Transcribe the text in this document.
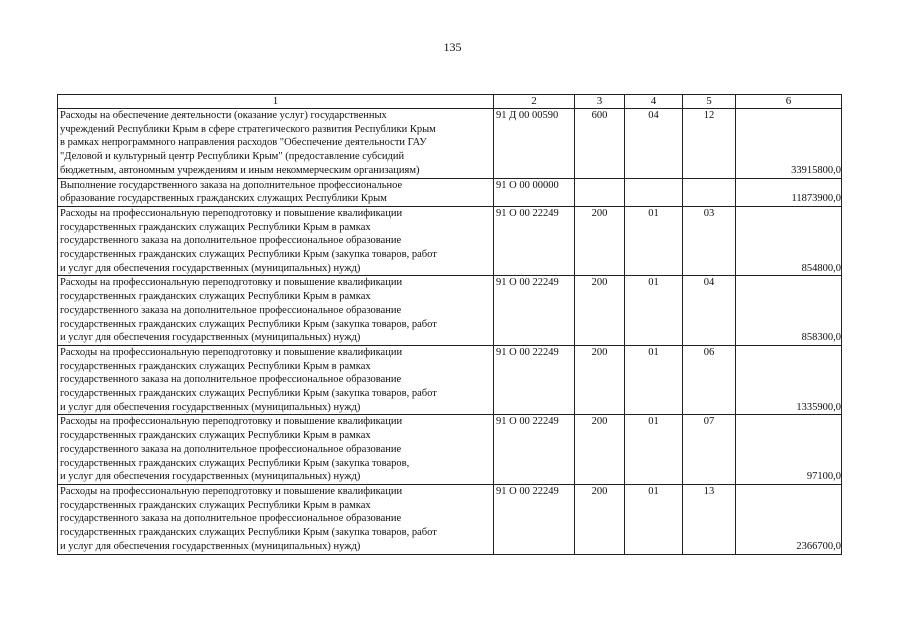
135
1	2	3	4	5	6

Расходы на обеспечение деятельности (оказание услуг) государственных
учреждений Республики Крым в сфере стратегического развития Республики Крым
в рамках непрограммного направления расходов "Обеспечение деятельности ГАУ
"Деловой и культурный центр Республики Крым" (предоставление субсидий
бюджетным, автономным учреждениям и иным некоммерческим организациям)	91 Д 00 00590	600	04	12	33915800,0

Выполнение государственного заказа на дополнительное профессиональное
образование государственных гражданских служащих Республики Крым	91 О 00 00000				11873900,0

Расходы на профессиональную переподготовку и повышение квалификации
государственных гражданских служащих Республики Крым в рамках
государственного заказа на дополнительное профессиональное образование
государственных гражданских служащих Республики Крым (закупка товаров, работ
и услуг для обеспечения государственных (муниципальных) нужд)	91 О 00 22249	200	01	03	854800,0

Расходы на профессиональную переподготовку и повышение квалификации
государственных гражданских служащих Республики Крым в рамках
государственного заказа на дополнительное профессиональное образование
государственных гражданских служащих Республики Крым (закупка товаров, работ
и услуг для обеспечения государственных (муниципальных) нужд)	91 О 00 22249	200	01	04	858300,0

Расходы на профессиональную переподготовку и повышение квалификации
государственных гражданских служащих Республики Крым в рамках
государственного заказа на дополнительное профессиональное образование
государственных гражданских служащих Республики Крым (закупка товаров, работ
и услуг для обеспечения государственных (муниципальных) нужд)	91 О 00 22249	200	01	06	1335900,0

Расходы на профессиональную переподготовку и повышение квалификации
государственных гражданских служащих Республики Крым в рамках
государственного заказа на дополнительное профессиональное образование
государственных гражданских служащих Республики Крым (закупка товаров,
и услуг для обеспечения государственных (муниципальных) нужд)	91 О 00 22249	200	01	07	97100,0

Расходы на профессиональную переподготовку и повышение квалификации
государственных гражданских служащих Республики Крым в рамках
государственного заказа на дополнительное профессиональное образование
государственных гражданских служащих Республики Крым (закупка товаров, работ
и услуг для обеспечения государственных (муниципальных) нужд)	91 О 00 22249	200	01	13	2366700,0
